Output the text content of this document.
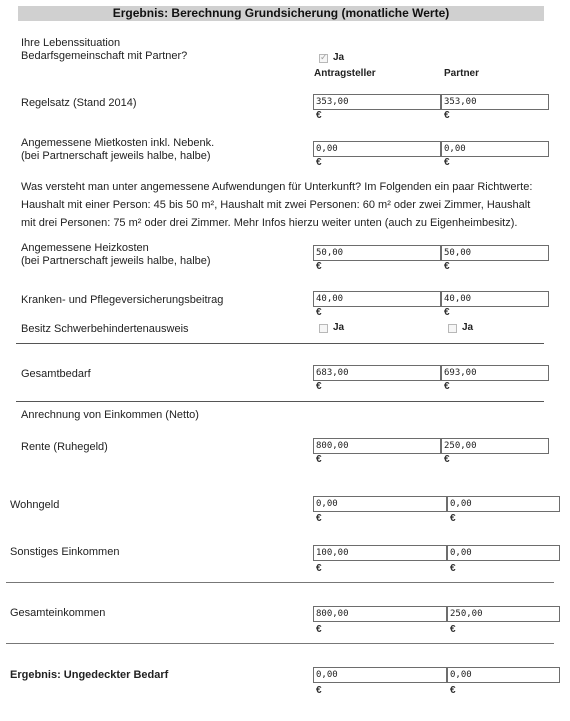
Ergebnis: Berechnung Grundsicherung (monatliche Werte)
Ihre Lebenssituation
Bedarfsgemeinschaft mit Partner?
✓	Ja
Antragsteller	Partner
Regelsatz (Stand 2014)	353,00	353,00
€	€
Angemessene Mietkosten inkl. Nebenk.
(bei Partnerschaft jeweils halbe, halbe)
0,00	0,00
€	€
Was versteht man unter angemessene Aufwendungen für Unterkunft? Im Folgenden ein paar Richtwerte:
Haushalt mit einer Person: 45 bis 50 m², Haushalt mit zwei Personen: 60 m² oder zwei Zimmer, Haushalt
mit drei Personen: 75 m² oder drei Zimmer. Mehr Infos hierzu weiter unten (auch zu Eigenheimbesitz).
Angemessene Heizkosten
(bei Partnerschaft jeweils halbe, halbe)
50,00	50,00
€	€
Kranken- und Pflegeversicherungsbeitrag	40,00	40,00
€	€
Besitz Schwerbehindertenausweis	Ja	Ja
Gesamtbedarf	683,00	693,00
€	€
Anrechnung von Einkommen (Netto)
Rente (Ruhegeld)	800,00	250,00
€	€
Wohngeld	0,00	0,00
€	€
Sonstiges Einkommen	100,00	0,00
€	€
Gesamteinkommen	800,00	250,00
€	€
Ergebnis: Ungedeckter Bedarf	0,00	0,00
€	€
